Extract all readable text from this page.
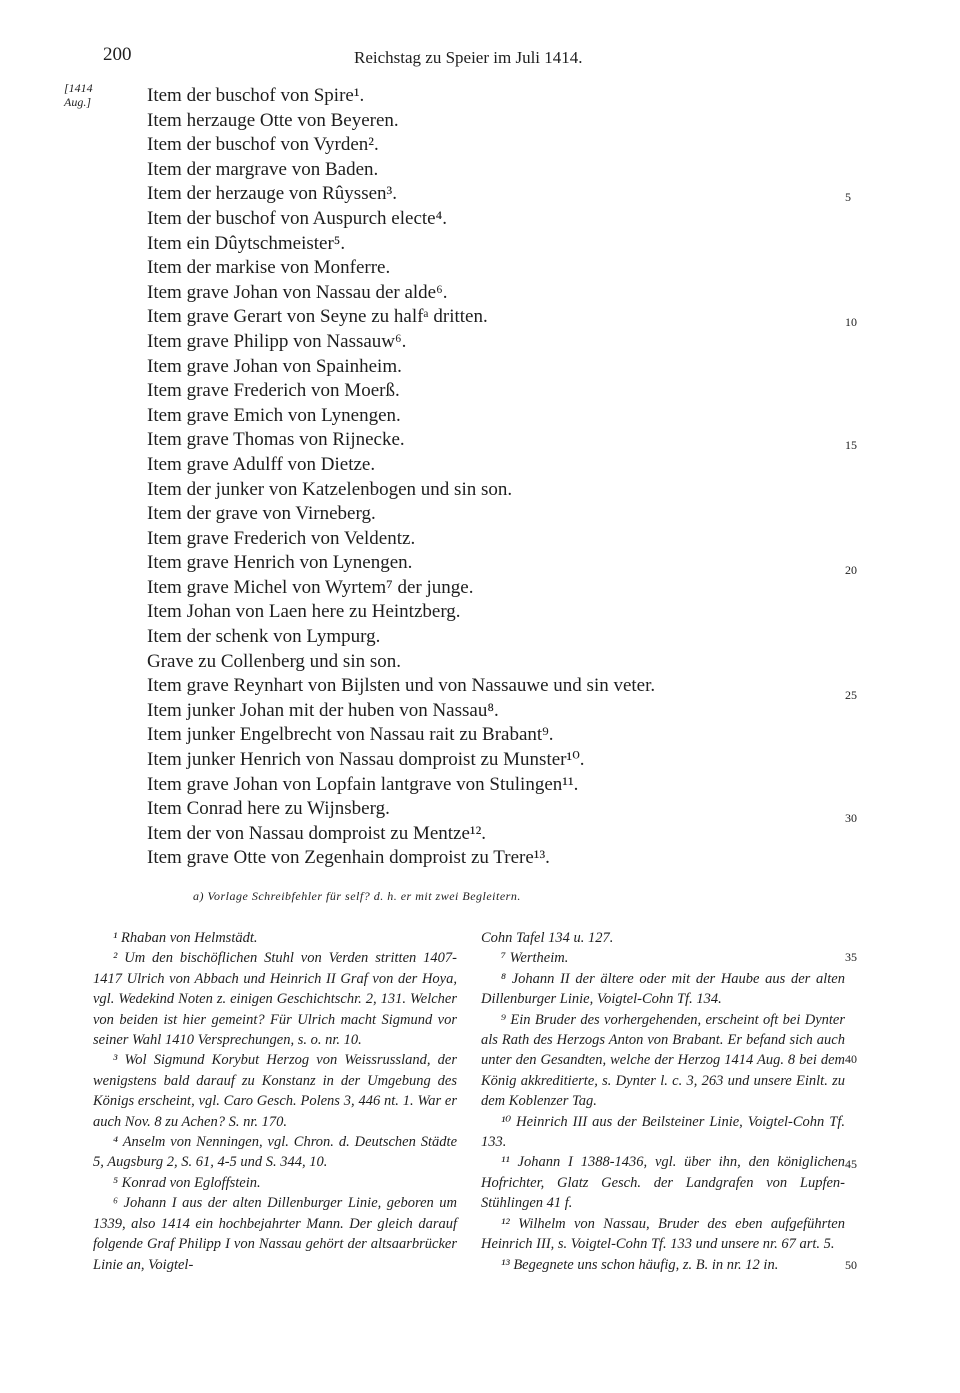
200	Reichstag zu Speier im Juli 1414.
[1414
Aug.]	Item der buschof von Spire¹.
Item herzauge Otte von Beyeren.
Item der buschof von Vyrden².
Item der margrave von Baden.
Item der herzauge von Rûyssen³.
Item der buschof von Auspurch electe⁴.
Item ein Dûytschmeister⁵.
Item der markise von Monferre.
Item grave Johan von Nassau der alde⁶.
Item grave Gerart von Seyne zu halfᵃ dritten.
Item grave Philipp von Nassauw⁶.
Item grave Johan von Spainheim.
Item grave Frederich von Moerß.
Item grave Emich von Lynengen.
Item grave Thomas von Rijnecke.
Item grave Adulff von Dietze.
Item der junker von Katzelenbogen und sin son.
Item der grave von Virneberg.
Item grave Frederich von Veldentz.
Item grave Henrich von Lynengen.
Item grave Michel von Wyrtem⁷ der junge.
Item Johan von Laen here zu Heintzberg.
Item der schenk von Lympurg.
Grave zu Collenberg und sin son.
Item grave Reynhart von Bijlsten und von Nassauwe und sin veter.
Item junker Johan mit der huben von Nassau⁸.
Item junker Engelbrecht von Nassau rait zu Brabant⁹.
Item junker Henrich von Nassau domproist zu Munster¹⁰.
Item grave Johan von Lopfain lantgrave von Stulingen¹¹.
Item Conrad here zu Wijnsberg.
Item der von Nassau domproist zu Mentze¹².
Item grave Otte von Zegenhain domproist zu Trere¹³.
5
10
15
20
25
30
35
40
45
50
a) Vorlage Schreibfehler für self? d. h. er mit zwei Begleitern.

¹ Rhaban von Helmstädt.

² Um den bischöflichen Stuhl von Verden stritten 1407-1417 Ulrich von Abbach und Heinrich II Graf von der Hoya, vgl. Wedekind Noten z. einigen Geschichtschr. 2, 131. Welcher von beiden ist hier gemeint? Für Ulrich macht Sigmund vor seiner Wahl 1410 Versprechungen, s. o. nr. 10.

³ Wol Sigmund Korybut Herzog von Weissrussland, der wenigstens bald darauf zu Konstanz in der Umgebung des Königs erscheint, vgl. Caro Gesch. Polens 3, 446 nt. 1. War er auch Nov. 8 zu Achen? S. nr. 170.

⁴ Anselm von Nenningen, vgl. Chron. d. Deutschen Städte 5, Augsburg 2, S. 61, 4-5 und S. 344, 10.

⁵ Konrad von Egloffstein.

⁶ Johann I aus der alten Dillenburger Linie, geboren um 1339, also 1414 ein hochbejahrter Mann. Der gleich darauf folgende Graf Philipp I von Nassau gehört der altsaarbrücker Linie an, Voigtel-

Cohn Tafel 134 u. 127.

⁷ Wertheim.

⁸ Johann II der ältere oder mit der Haube aus der alten Dillenburger Linie, Voigtel-Cohn Tf. 134.

⁹ Ein Bruder des vorhergehenden, erscheint oft bei Dynter als Rath des Herzogs Anton von Brabant. Er befand sich auch unter den Gesandten, welche der Herzog 1414 Aug. 8 bei dem König akkreditierte, s. Dynter l. c. 3, 263 und unsere Einlt. zu dem Koblenzer Tag.

¹⁰ Heinrich III aus der Beilsteiner Linie, Voigtel-Cohn Tf. 133.

¹¹ Johann I 1388-1436, vgl. über ihn, den königlichen Hofrichter, Glatz Gesch. der Landgrafen von Lupfen-Stühlingen 41 f.

¹² Wilhelm von Nassau, Bruder des eben aufgeführten Heinrich III, s. Voigtel-Cohn Tf. 133 und unsere nr. 67 art. 5.

¹³ Begegnete uns schon häufig, z. B. in nr. 12 in.
